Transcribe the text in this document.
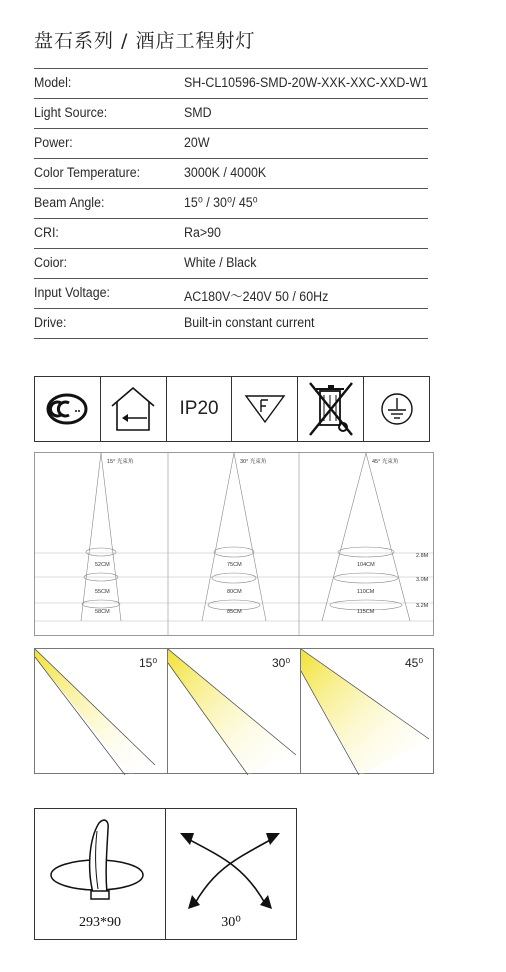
盘石系列 / 酒店工程射灯
Model:	SH-CL10596-SMD-20W-XXK-XXC-XXD-W1
Light Source:	SMD
Power:	20W
Color Temperature:	3000K / 4000K
Beam Angle:	15⁰ / 30⁰/ 45⁰
CRI:	Ra>90
Coior:	White / Black
Input Voltage:	AC180V～240V 50 / 60Hz
Drive:	Built-in constant current
IP20
15° 光束角	30° 光束角	45° 光束角
52CM
55CM
58CM
75CM
80CM
85CM
104CM
110CM
115CM
2.8M
3.0M
3.2M
15⁰	30⁰	45⁰
293*90	30⁰
